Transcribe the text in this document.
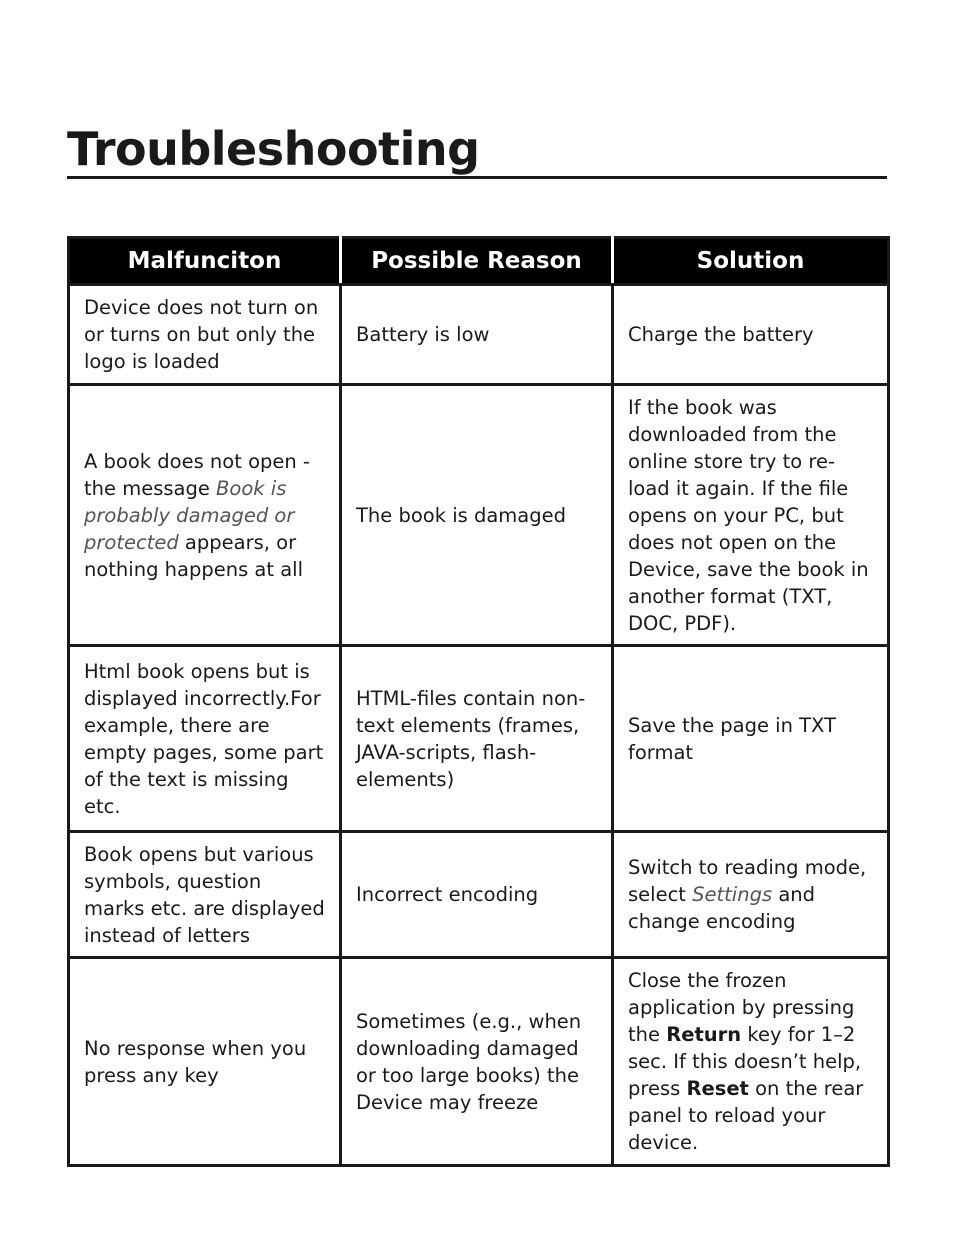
Troubleshooting
Malfunciton	Possible Reason	Solution
Device does not turn on or turns on but only the logo is loaded	Battery is low	Charge the battery
A book does not open - the message Book is probably damaged or protected appears, or nothing happens at all	The book is damaged	If the book was downloaded from the online store try to re-load it again. If the file opens on your PC, but does not open on the Device, save the book in another format (TXT, DOC, PDF).
Html book opens but is displayed incorrectly.For example, there are empty pages, some part of the text is missing etc.	HTML-files contain non-text elements (frames, JAVA-scripts, flash-elements)	Save the page in TXT format
Book opens but various symbols, question marks etc. are displayed instead of letters	Incorrect encoding	Switch to reading mode, select Settings and change encoding
No response when you press any key	Sometimes (e.g., when downloading damaged or too large books) the Device may freeze	Close the frozen application by pressing the Return key for 1–2 sec. If this doesn’t help, press Reset on the rear panel to reload your device.
